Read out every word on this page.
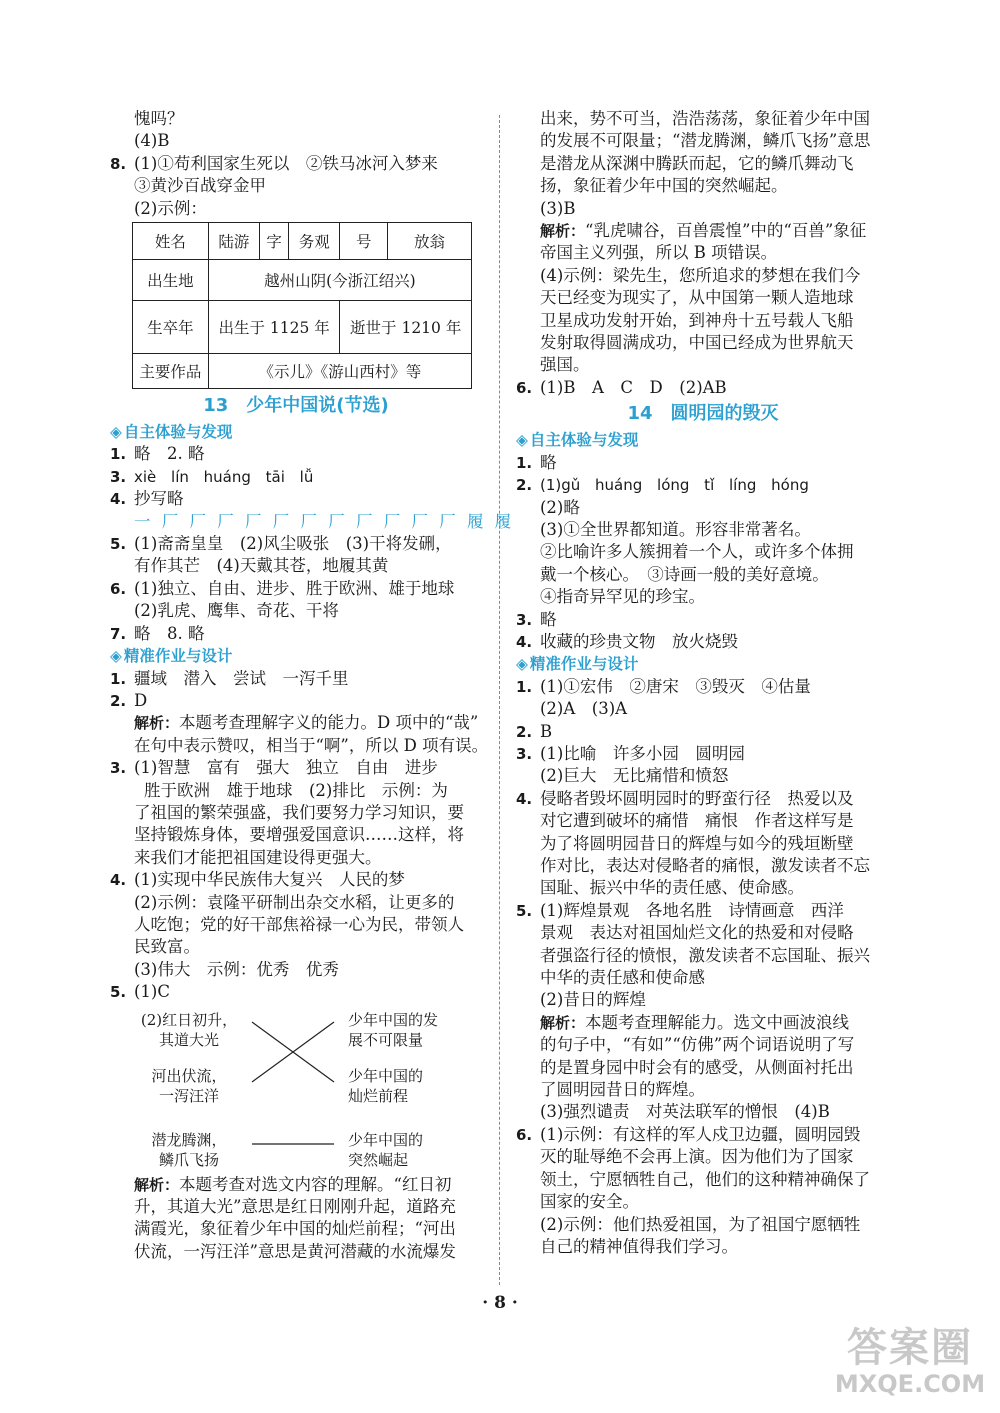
愧吗？
(4)B
8. (1)①苟利国家生死以　②铁马冰河入梦来
③黄沙百战穿金甲
(2)示例：
姓名	陆游	字	务观	号	放翁
出生地	越州山阴(今浙江绍兴)				
生卒年	出生于 1125 年			逝世于 1210 年	
主要作品	《示儿》《游山西村》等				
13　少年中国说(节选)
◈ 自主体验与发现
1. 略　2. 略
3. xiè lín huáng tāi lǚ
4. 抄写略
一 厂 厂 厂 厂 厂 厂 厂 厂 厂 厂 厂 履 履
5. (1)斋斋皇皇　(2)风尘吸张　(3)干将发硎，
有作其芒　(4)天戴其苍，地履其黄
6. (1)独立、自由、进步、胜于欧洲、雄于地球
(2)乳虎、鹰隼、奇花、干将
7. 略　8. 略
◈ 精准作业与设计
1. 疆域　潜入　尝试　一泻千里
2. D
解析：本题考查理解字义的能力。D 项中的“哉”
在句中表示赞叹，相当于“啊”，所以 D 项有误。
3. (1)智慧　富有　强大　独立　自由　进步
胜于欧洲　雄于地球　(2)排比　示例：为
了祖国的繁荣强盛，我们要努力学习知识，要
坚持锻炼身体，要增强爱国意识……这样，将
来我们才能把祖国建设得更强大。
4. (1)实现中华民族伟大复兴　人民的梦
(2)示例：袁隆平研制出杂交水稻，让更多的
人吃饱；党的好干部焦裕禄一心为民，带领人
民致富。
(3)伟大　示例：优秀　优秀
5. (1)C
(2)红日初升，
其道大光
河出伏流，
一泻汪洋
潜龙腾渊，
鳞爪飞扬
少年中国的发
展不可限量
少年中国的
灿烂前程
少年中国的
突然崛起
解析：本题考查对选文内容的理解。“红日初
升，其道大光”意思是红日刚刚升起，道路充
满霞光，象征着少年中国的灿烂前程；“河出
伏流，一泻汪洋”意思是黄河潜藏的水流爆发
出来，势不可当，浩浩荡荡，象征着少年中国
的发展不可限量；“潜龙腾渊，鳞爪飞扬”意思
是潜龙从深渊中腾跃而起，它的鳞爪舞动飞
扬，象征着少年中国的突然崛起。
(3)B
解析：“乳虎啸谷，百兽震惶”中的“百兽”象征
帝国主义列强，所以 B 项错误。
(4)示例：梁先生，您所追求的梦想在我们今
天已经变为现实了，从中国第一颗人造地球
卫星成功发射开始，到神舟十五号载人飞船
发射取得圆满成功，中国已经成为世界航天
强国。
6. (1)B　A　C　D　(2)AB
14　圆明园的毁灭
◈ 自主体验与发现
1. 略
2. (1)gǔ huáng lóng tǐ líng hóng
(2)略
(3)①全世界都知道。形容非常著名。
②比喻许多人簇拥着一个人，或许多个体拥
戴一个核心。　③诗画一般的美好意境。
④指奇异罕见的珍宝。
3. 略
4. 收藏的珍贵文物　放火烧毁
◈ 精准作业与设计
1. (1)①宏伟　②唐宋　③毁灭　④估量
(2)A　(3)A
2. B
3. (1)比喻　许多小园　圆明园
(2)巨大　无比痛惜和愤怒
4. 侵略者毁坏圆明园时的野蛮行径　热爱以及
对它遭到破坏的痛惜　痛恨　作者这样写是
为了将圆明园昔日的辉煌与如今的残垣断壁
作对比，表达对侵略者的痛恨，激发读者不忘
国耻、振兴中华的责任感、使命感。
5. (1)辉煌景观　各地名胜　诗情画意　西洋
景观　表达对祖国灿烂文化的热爱和对侵略
者强盗行径的愤恨，激发读者不忘国耻、振兴
中华的责任感和使命感
(2)昔日的辉煌
解析：本题考查理解能力。选文中画波浪线
的句子中，“有如”“仿佛”两个词语说明了写
的是置身园中时会有的感受，从侧面衬托出
了圆明园昔日的辉煌。
(3)强烈谴责　对英法联军的憎恨　(4)B
6. (1)示例：有这样的军人戍卫边疆，圆明园毁
灭的耻辱绝不会再上演。因为他们为了国家
领土，宁愿牺牲自己，他们的这种精神确保了
国家的安全。
(2)示例：他们热爱祖国，为了祖国宁愿牺牲
自己的精神值得我们学习。
· 8 ·
答案圈
MXQE.COM
